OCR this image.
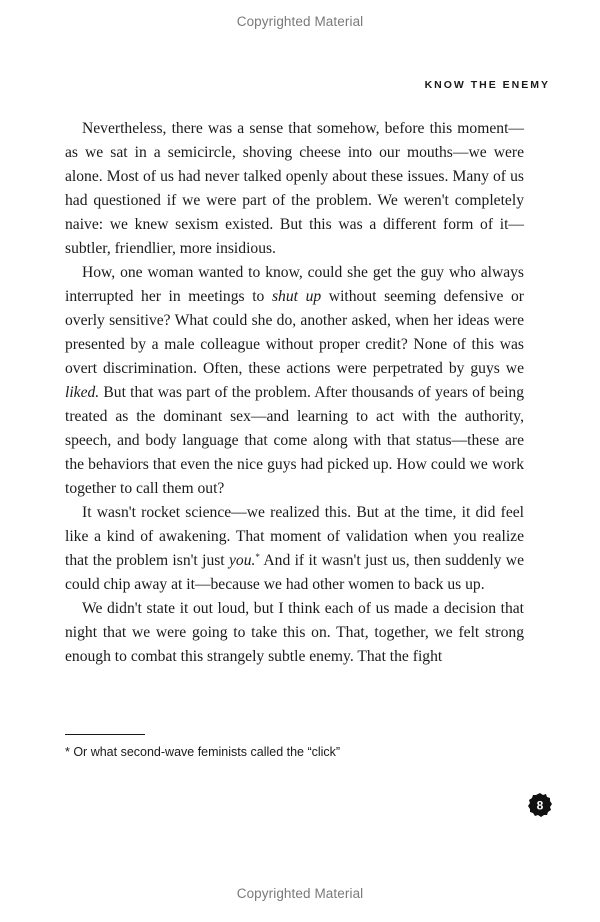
Copyrighted Material
KNOW THE ENEMY

Nevertheless, there was a sense that somehow, before this moment—as we sat in a semicircle, shoving cheese into our mouths—we were alone. Most of us had never talked openly about these issues. Many of us had questioned if we were part of the problem. We weren't completely naive: we knew sexism existed. But this was a different form of it—subtler, friendlier, more insidious.

How, one woman wanted to know, could she get the guy who always interrupted her in meetings to shut up without seeming defensive or overly sensitive? What could she do, another asked, when her ideas were presented by a male colleague without proper credit? None of this was overt discrimination. Often, these actions were perpetrated by guys we liked. But that was part of the problem. After thousands of years of being treated as the dominant sex—and learning to act with the authority, speech, and body language that come along with that status—these are the behaviors that even the nice guys had picked up. How could we work together to call them out?

It wasn't rocket science—we realized this. But at the time, it did feel like a kind of awakening. That moment of validation when you realize that the problem isn't just you.* And if it wasn't just us, then suddenly we could chip away at it—because we had other women to back us up.

We didn't state it out loud, but I think each of us made a decision that night that we were going to take this on. That, together, we felt strong enough to combat this strangely subtle enemy. That the fight

* Or what second-wave feminists called the “click”
8
Copyrighted Material
